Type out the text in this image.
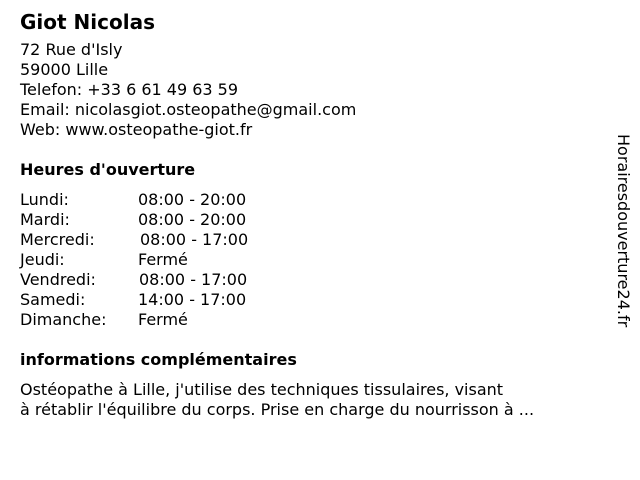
Giot Nicolas
72 Rue d'Isly
59000 Lille
Telefon: +33 6 61 49 63 59
Email: nicolasgiot.osteopathe@gmail.com
Web: www.osteopathe-giot.fr
Heures d'ouverture
Lundi:	08:00 - 20:00
Mardi:	08:00 - 20:00
Mercredi:	08:00 - 17:00
Jeudi:	Fermé
Vendredi:	08:00 - 17:00
Samedi:	14:00 - 17:00
Dimanche: Fermé
informations complémentaires
Ostéopathe à Lille, j'utilise des techniques tissulaires, visant
à rétablir l'équilibre du corps. Prise en charge du nourrisson à ...
Horairesdouverture24.fr
